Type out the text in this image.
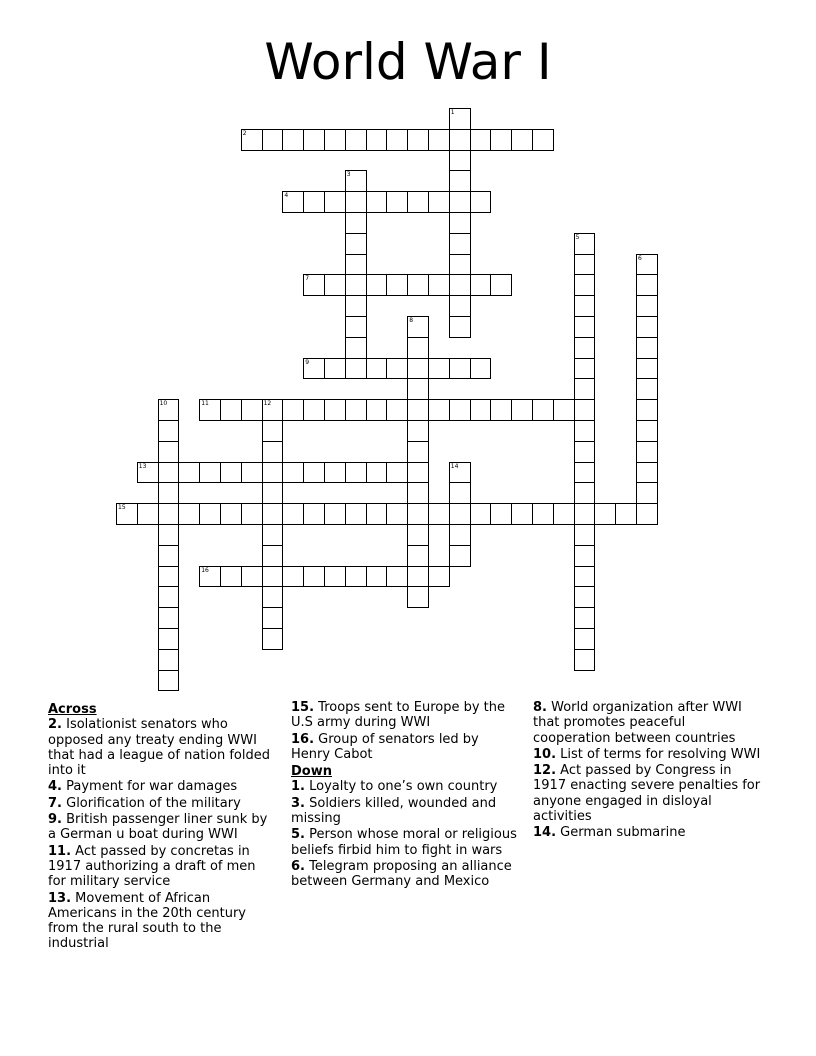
World War I
1
2
3
4
5
6
7
8
9
10	11	12
13	14
15
16
Across
2. Isolationist senators who opposed any treaty ending WWI that had a league of nation folded into it
4. Payment for war damages
7. Glorification of the military
9. British passenger liner sunk by a German u boat during WWI
11. Act passed by concretas in 1917 authorizing a draft of men for military service
13. Movement of African Americans in the 20th century from the rural south to the industrial
15. Troops sent to Europe by the U.S army during WWI
16. Group of senators led by Henry Cabot
Down
1. Loyalty to one’s own country
3. Soldiers killed, wounded and missing
5. Person whose moral or religious beliefs firbid him to fight in wars
6. Telegram proposing an alliance between Germany and Mexico
8. World organization after WWI that promotes peaceful cooperation between countries
10. List of terms for resolving WWI
12. Act passed by Congress in 1917 enacting severe penalties for anyone engaged in disloyal activities
14. German submarine
